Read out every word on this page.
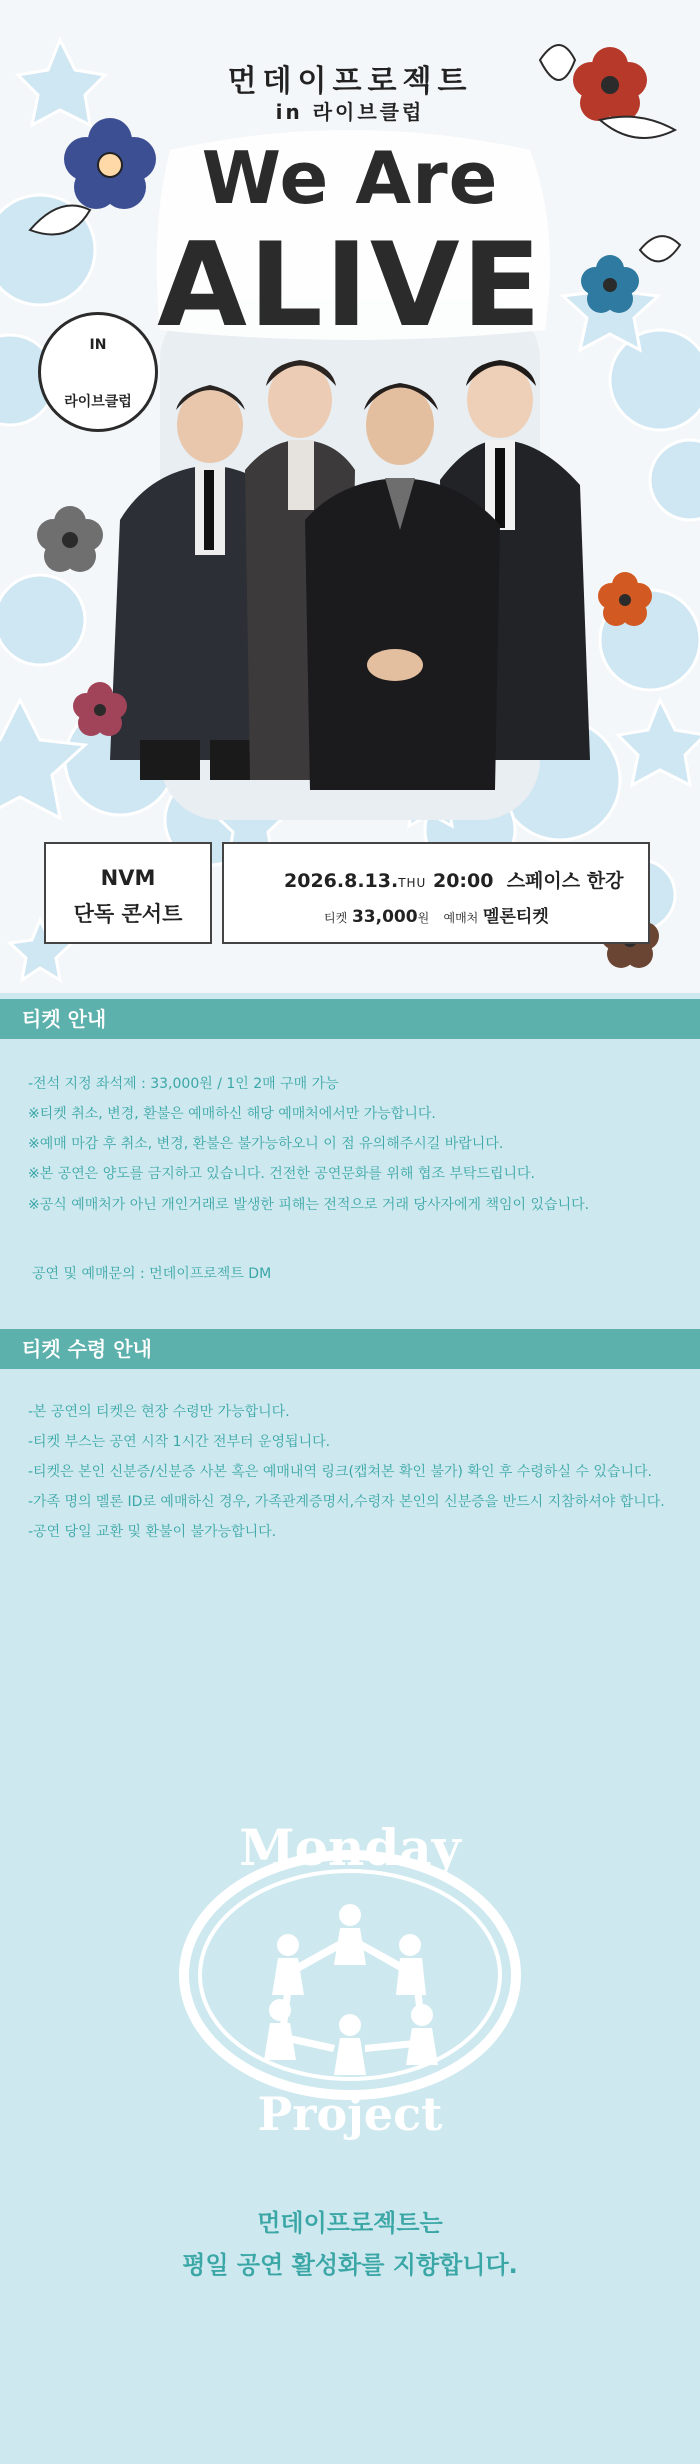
먼데이프로젝트
in 라이브클럽
We Are
ALIVE
IN
라이브클럽
NVM
단독 콘서트
2026.8.13.THU 20:00 스페이스 한강
티켓 33,000원 예매처 멜론티켓
티켓 안내
-전석 지정 좌석제 : 33,000원 / 1인 2매 구매 가능
※티켓 취소, 변경, 환불은 예매하신 해당 예매처에서만 가능합니다.
※예매 마감 후 취소, 변경, 환불은 불가능하오니 이 점 유의해주시길 바랍니다.
※본 공연은 양도를 금지하고 있습니다. 건전한 공연문화를 위해 협조 부탁드립니다.
※공식 예매처가 아닌 개인거래로 발생한 피해는 전적으로 거래 당사자에게 책임이 있습니다.
공연 및 예매문의 : 먼데이프로젝트 DM
티켓 수령 안내
-본 공연의 티켓은 현장 수령만 가능합니다.
-티켓 부스는 공연 시작 1시간 전부터 운영됩니다.
-티켓은 본인 신분증/신분증 사본 혹은 예매내역 링크(캡쳐본 확인 불가) 확인 후 수령하실 수 있습니다.
-가족 명의 멜론 ID로 예매하신 경우, 가족관계증명서,수령자 본인의 신분증을 반드시 지참하셔야 합니다.
-공연 당일 교환 및 환불이 불가능합니다.
Monday
Project
먼데이프로젝트는
평일 공연 활성화를 지향합니다.
